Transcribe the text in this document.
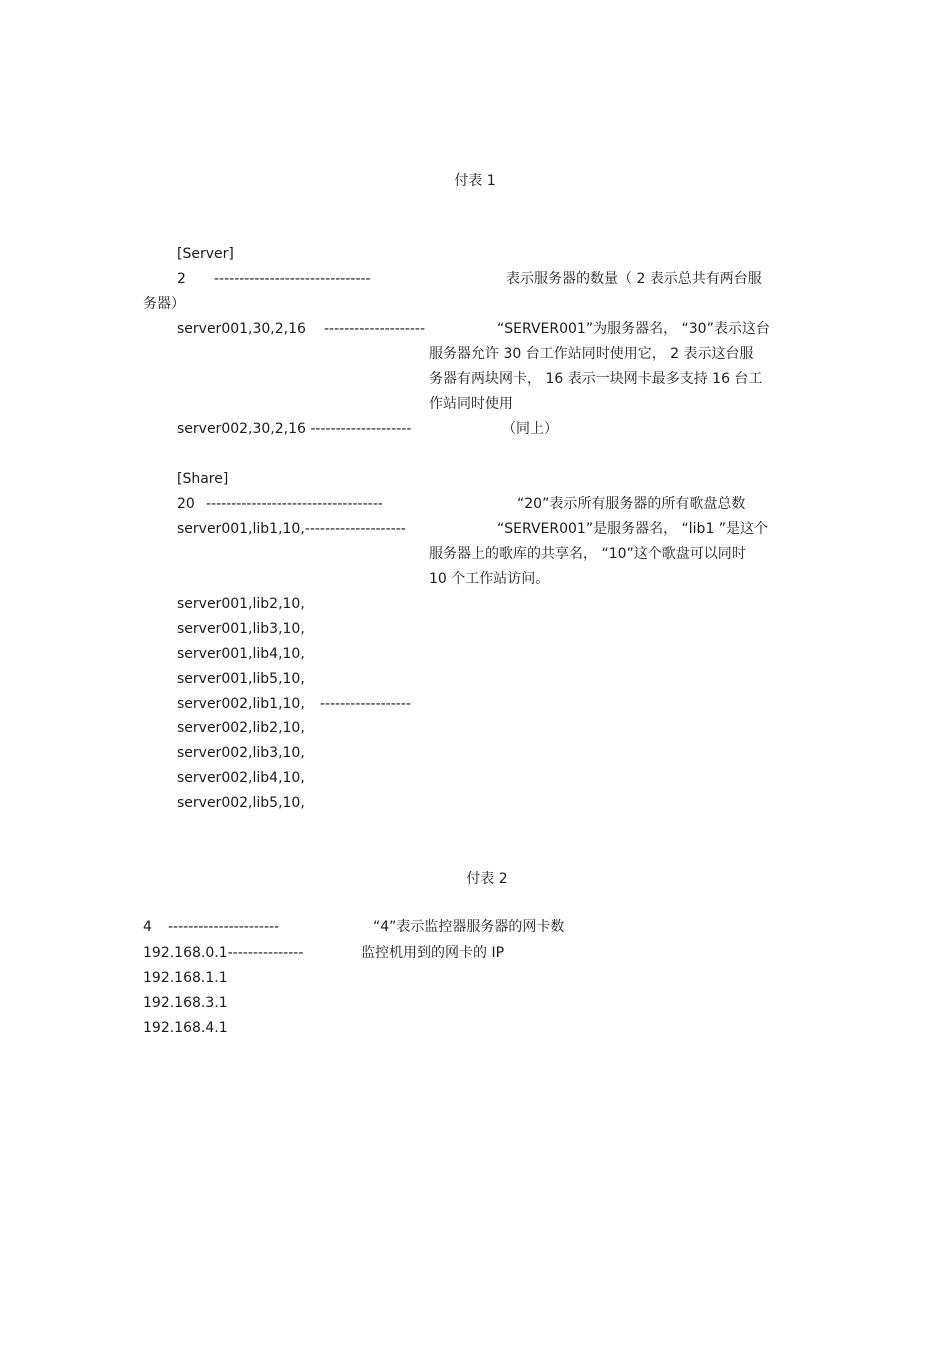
付表 1
[Server]
2 -------------------------------	表示服务器的数量（ 2 表示总共有两台服
务器）
server001,30,2,16 --------------------	“SERVER001”为服务器名， “30”表示这台
服务器允许 30 台工作站同时使用它， 2 表示这台服
务器有两块网卡， 16 表示一块网卡最多支持 16 台工
作站同时使用
server002,30,2,16 --------------------	（同上）
[Share]
20 -----------------------------------	“20”表示所有服务器的所有歌盘总数
server001,lib1,10,--------------------	“SERVER001”是服务器名， “lib1 ”是这个
服务器上的歌库的共享名， “10”这个歌盘可以同时
10 个工作站访问。
server001,lib2,10,
server001,lib3,10,
server001,lib4,10,
server001,lib5,10,
server002,lib1,10, ------------------
server002,lib2,10,
server002,lib3,10,
server002,lib4,10,
server002,lib5,10,
付表 2
4 ----------------------	“4”表示监控器服务器的网卡数
192.168.0.1---------------	监控机用到的网卡的 IP
192.168.1.1
192.168.3.1
192.168.4.1
